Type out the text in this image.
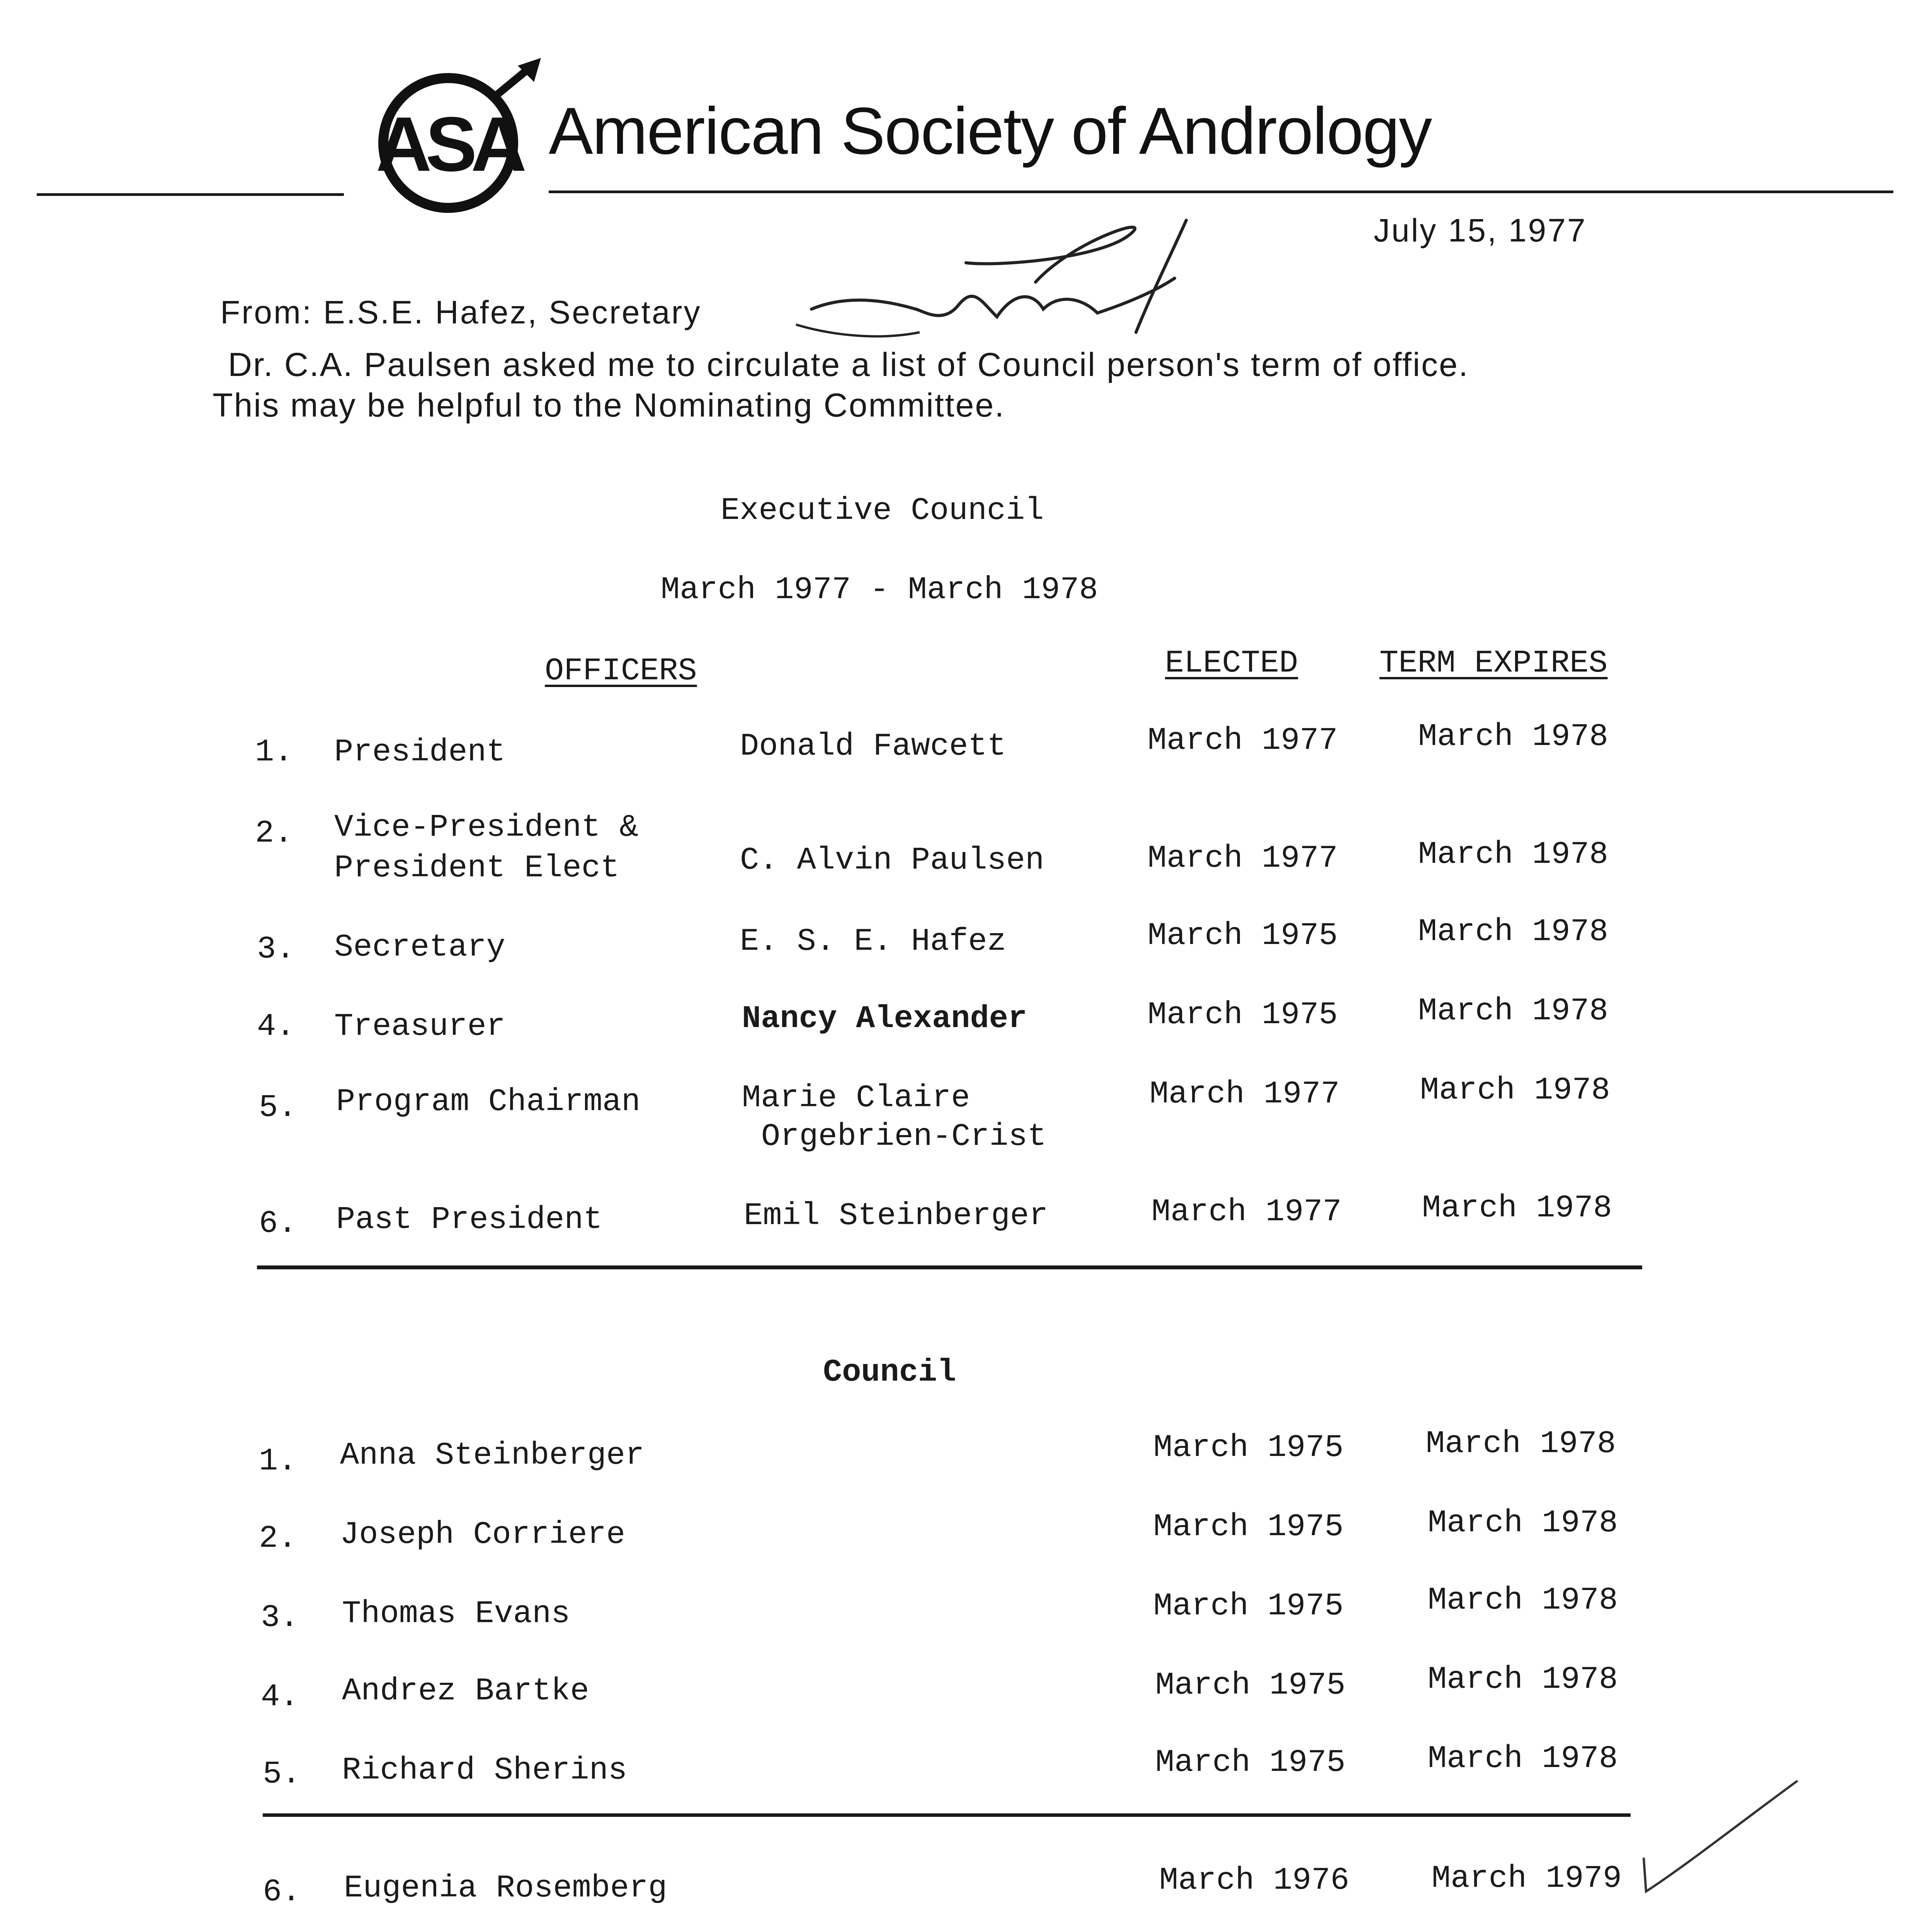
ASA American Society of Andrology
July 15, 1977
From: E.S.E. Hafez, Secretary
Dr. C.A. Paulsen asked me to circulate a list of Council person's term of office.
This may be helpful to the Nominating Committee.
Executive Council
March 1977 - March 1978
OFFICERS	ELECTED	TERM EXPIRES
1. President	Donald Fawcett	March 1977	March 1978
2. Vice-President &
President Elect	C. Alvin Paulsen	March 1977	March 1978
3. Secretary	E. S. E. Hafez	March 1975	March 1978
4. Treasurer	Nancy Alexander	March 1975	March 1978
5. Program Chairman	Marie Claire
Orgebrien-Crist
March 1977	March 1978
6. Past President	Emil Steinberger	March 1977	March 1978
Council
1. Anna Steinberger	March 1975	March 1978
2. Joseph Corriere	March 1975	March 1978
3. Thomas Evans	March 1975	March 1978
4. Andrez Bartke	March 1975	March 1978
5. Richard Sherins	March 1975	March 1978
6. Eugenia Rosemberg	March 1976	March 1979
